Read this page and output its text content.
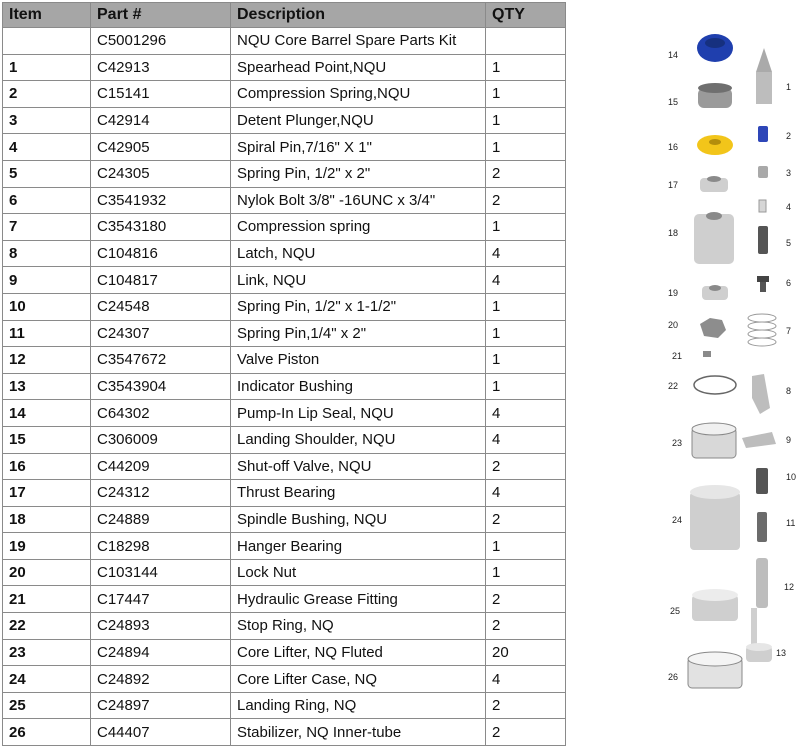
Item	Part #	Description	QTY
	C5001296	NQU Core Barrel Spare Parts Kit	
1	C42913	Spearhead Point,NQU	1
2	C15141	Compression Spring,NQU	1
3	C42914	Detent Plunger,NQU	1
4	C42905	Spiral Pin,7/16" X 1"	1
5	C24305	Spring Pin, 1/2" x 2"	2
6	C3541932	Nylok Bolt 3/8" -16UNC x 3/4"	2
7	C3543180	Compression spring	1
8	C104816	Latch, NQU	4
9	C104817	Link, NQU	4
10	C24548	Spring Pin, 1/2" x 1-1/2"	1
11	C24307	Spring Pin,1/4" x 2"	1
12	C3547672	Valve Piston	1
13	C3543904	Indicator Bushing	1
14	C64302	Pump-In Lip Seal, NQU	4
15	C306009	Landing Shoulder, NQU	4
16	C44209	Shut-off Valve, NQU	2
17	C24312	Thrust Bearing	4
18	C24889	Spindle Bushing, NQU	2
19	C18298	Hanger Bearing	1
20	C103144	Lock Nut	1
21	C17447	Hydraulic Grease Fitting	2
22	C24893	Stop Ring, NQ	2
23	C24894	Core Lifter, NQ Fluted	20
24	C24892	Core Lifter Case, NQ	4
25	C24897	Landing Ring, NQ	2
26	C44407	Stabilizer, NQ Inner-tube	2
14
15
16
17
18
19
20
21
22
23
24
25
26
1
2
3
4
5
6
7
8
9
10
11
12
13
